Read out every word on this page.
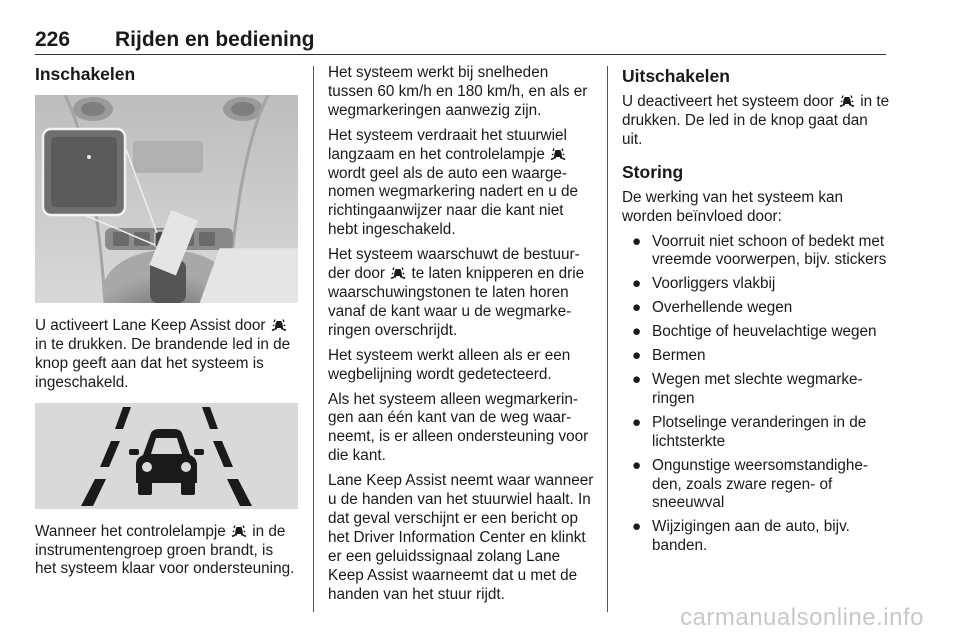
226 Rijden en bediening
Inschakelen

U activeert Lane Keep Assist door
in te drukken. De brandende led in de knop geeft aan dat het systeem is ingeschakeld.

Wanneer het controlelampje
in de instrumentengroep groen brandt, is het systeem klaar voor ondersteuning.

Het systeem werkt bij snelheden tussen 60 km/h en 180 km/h, en als er wegmarkeringen aanwezig zijn.

Het systeem verdraait het stuurwiel langzaam en het controlelampje
wordt geel als de auto een waargenomen wegmarkering nadert en u de richtingaanwijzer naar die kant niet hebt ingeschakeld.

Het systeem waarschuwt de bestuurder door
te laten knipperen en drie waarschuwingstonen te laten horen vanaf de kant waar u de wegmarkeringen overschrijdt.

Het systeem werkt alleen als er een wegbelijning wordt gedetecteerd.

Als het systeem alleen wegmarkeringen aan één kant van de weg waarneemt, is er alleen ondersteuning voor die kant.

Lane Keep Assist neemt waar wanneer u de handen van het stuurwiel haalt. In dat geval verschijnt er een bericht op het Driver Information Center en klinkt er een geluidssignaal zolang Lane Keep Assist waarneemt dat u met de handen van het stuur rijdt.

Uitschakelen

U deactiveert het systeem door
in te drukken. De led in de knop gaat dan uit.

Storing

De werking van het systeem kan worden beïnvloed door:

● Voorruit niet schoon of bedekt met vreemde voorwerpen, bijv. stickers
● Voorliggers vlakbij
● Overhellende wegen
● Bochtige of heuvelachtige wegen
● Bermen
● Wegen met slechte wegmarkeringen
● Plotselinge veranderingen in de lichtsterkte
● Ongunstige weersomstandigheden, zoals zware regen- of sneeuwval
● Wijzigingen aan de auto, bijv. banden.
carmanualsonline.info
